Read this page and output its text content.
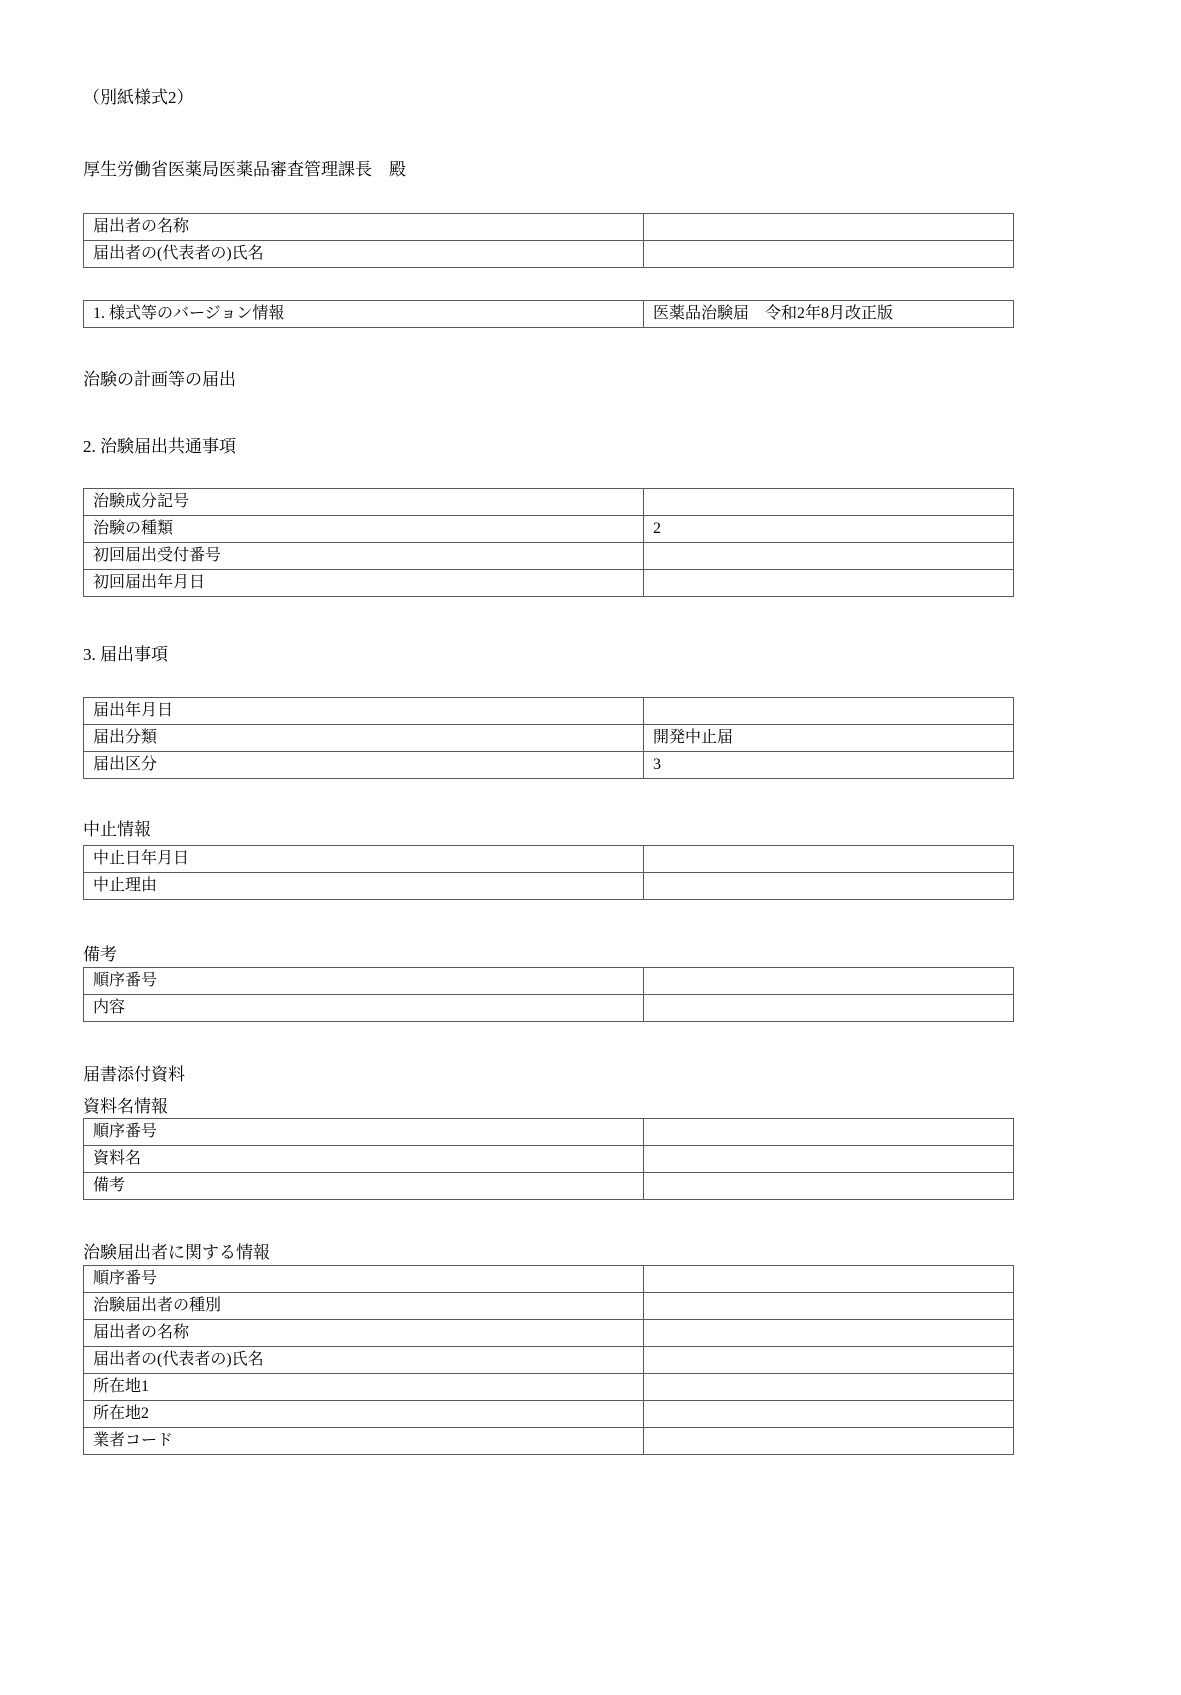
（別紙様式2）

厚生労働省医薬局医薬品審査管理課長　殿

届出者の名称	
届出者の(代表者の)氏名	
1. 様式等のバージョン情報	医薬品治験届　令和2年8月改正版

治験の計画等の届出

2. 治験届出共通事項

治験成分記号	
治験の種類	2
初回届出受付番号	
初回届出年月日	

3. 届出事項

届出年月日	
届出分類	開発中止届
届出区分	3

中止情報

中止日年月日	
中止理由	

備考

順序番号	
内容	

届書添付資料

資料名情報

順序番号	
資料名	
備考	

治験届出者に関する情報

順序番号	
治験届出者の種別	
届出者の名称	
届出者の(代表者の)氏名	
所在地1	
所在地2	
業者コード	
